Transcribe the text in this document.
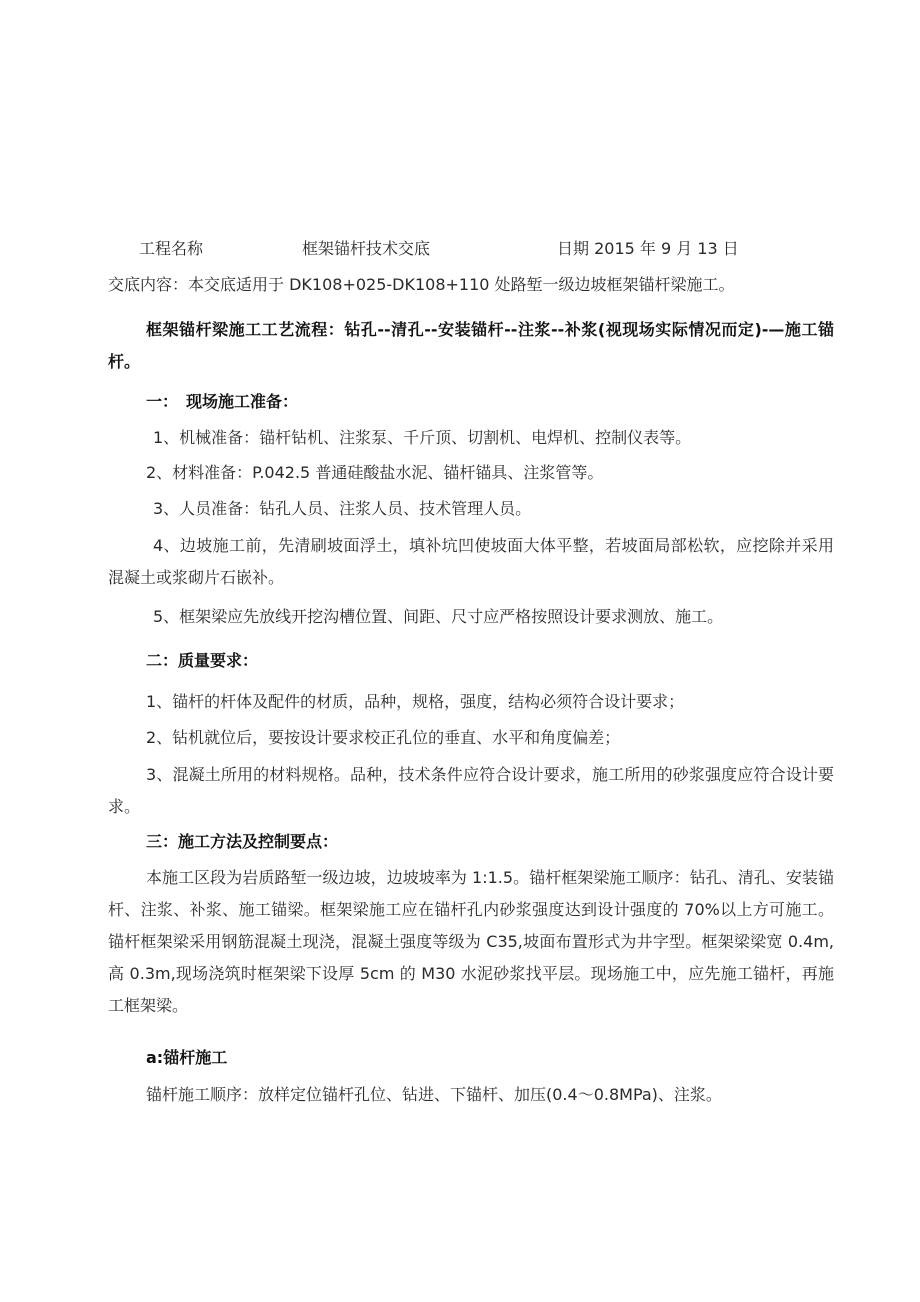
工程名称	框架锚杆技术交底	日期 2015 年 9 月 13 日
交底内容：本交底适用于 DK108+025-DK108+110 处路堑一级边坡框架锚杆梁施工。
框架锚杆梁施工工艺流程：钻孔--清孔--安装锚杆--注浆--补浆(视现场实际情况而定)-—施工锚杆。
一：　现场施工准备：
1、机械准备：锚杆钻机、注浆泵、千斤顶、切割机、电焊机、控制仪表等。
2、材料准备：P.042.5 普通硅酸盐水泥、锚杆锚具、注浆管等。
3、人员准备：钻孔人员、注浆人员、技术管理人员。
4、边坡施工前，先清刷坡面浮土，填补坑凹使坡面大体平整，若坡面局部松软，应挖除并采用混凝土或浆砌片石嵌补。
5、框架梁应先放线开挖沟槽位置、间距、尺寸应严格按照设计要求测放、施工。
二：质量要求：
1、锚杆的杆体及配件的材质，品种，规格，强度，结构必须符合设计要求；
2、钻机就位后，要按设计要求校正孔位的垂直、水平和角度偏差；
3、混凝土所用的材料规格。品种，技术条件应符合设计要求，施工所用的砂浆强度应符合设计要求。
三：施工方法及控制要点：
本施工区段为岩质路堑一级边坡，边坡坡率为 1:1.5。锚杆框架梁施工顺序：钻孔、清孔、安装锚杆、注浆、补浆、施工锚梁。框架梁施工应在锚杆孔内砂浆强度达到设计强度的 70%以上方可施工。锚杆框架梁采用钢筋混凝土现浇，混凝土强度等级为 C35,坡面布置形式为井字型。框架梁梁宽 0.4m,高 0.3m,现场浇筑时框架梁下设厚 5cm 的 M30 水泥砂浆找平层。现场施工中，应先施工锚杆，再施工框架梁。
a:锚杆施工
锚杆施工顺序：放样定位锚杆孔位、钻进、下锚杆、加压(0.4～0.8MPa)、注浆。
